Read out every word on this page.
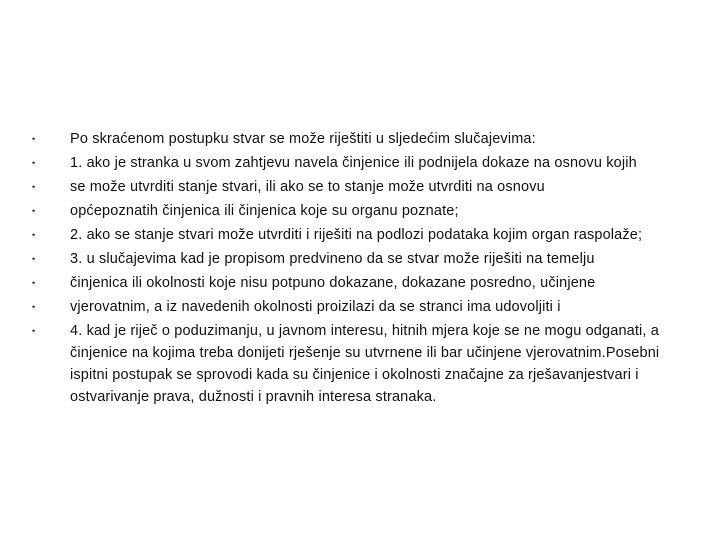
•	Po skraćenom postupku stvar se može riještiti u sljedećim slučajevima:
•	1. ako je stranka u svom zahtjevu navela činjenice ili podnijela dokaze na osnovu kojih
•	se može utvrditi stanje stvari, ili ako se to stanje može utvrditi na osnovu
•	općepoznatih činjenica ili činjenica koje su organu poznate;
•	2. ako se stanje stvari može utvrditi i riješiti na podlozi podataka kojim organ raspolaže;
•	3. u slučajevima kad je propisom predvineno da se stvar može riješiti na temelju
•	činjenica ili okolnosti koje nisu potpuno dokazane, dokazane posredno, učinjene
•	vjerovatnim, a iz navedenih okolnosti proizilazi da se stranci ima udovoljiti i
•	4. kad je riječ o poduzimanju, u javnom interesu, hitnih mjera koje se ne mogu odganati, a činjenice na kojima treba donijeti rješenje su utvrnene ili bar učinjene vjerovatnim.Posebni ispitni postupak se sprovodi kada su činjenice i okolnosti značajne za rješavanjestvari i ostvarivanje prava, dužnosti i pravnih interesa stranaka.
